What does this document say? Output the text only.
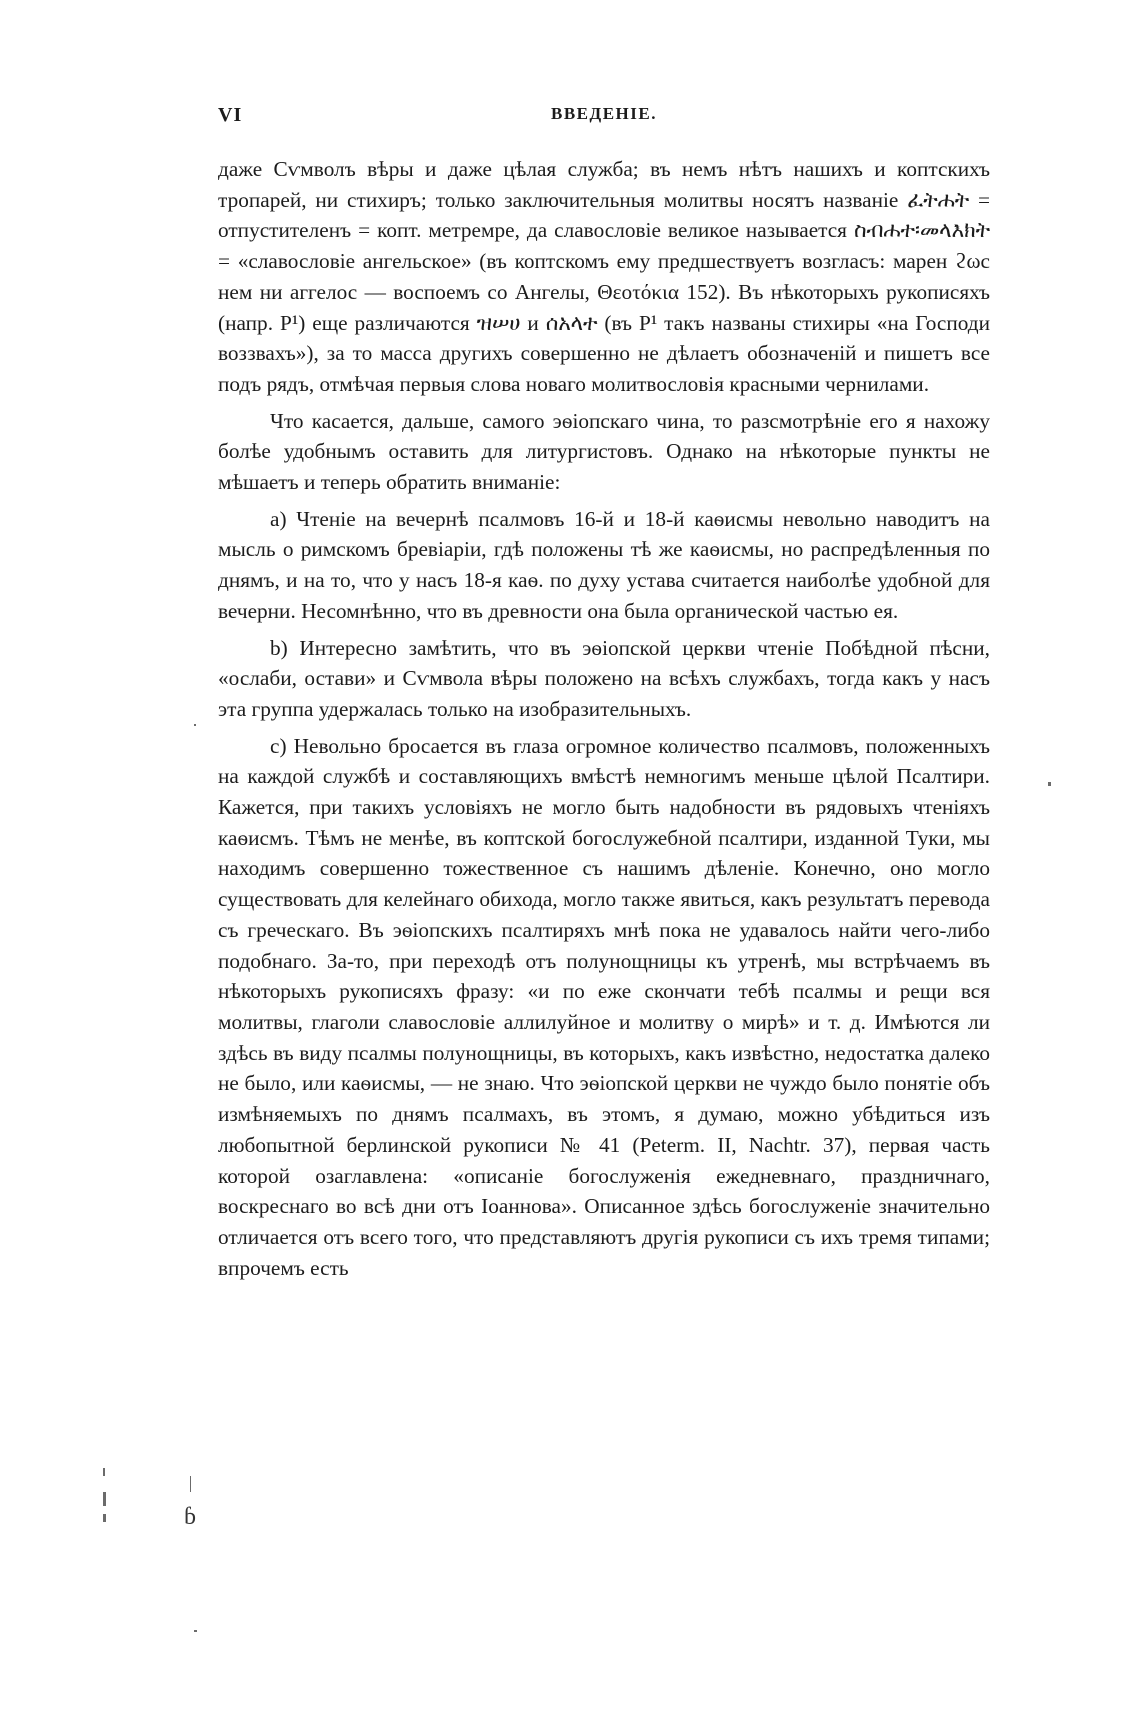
VI	ВВЕДЕНІЕ.

даже Сѵмволъ вѣры и даже цѣлая служба; въ немъ нѣтъ нашихъ и коптскихъ тропарей, ни стихиръ; только заключительныя молитвы носятъ названіе ፈትሐት = отпустителенъ = копт. метремрe, да славословіе великое называется ስብሐተ፡መላእክት = «славословіе ангельское» (въ коптскомъ ему предшествуетъ возгласъ: марен ϩωс нем ни аггелос — воспоемъ со Ангелы, Θεοτόκια 152). Въ нѣкоторыхъ рукописяхъ (напр. P¹) еще различаются ዝሠሀ и ሰአላተ (въ P¹ такъ названы стихиры «на Господи воззвахъ»), за то масса другихъ совершенно не дѣлаетъ обозначеній и пишетъ все подъ рядъ, отмѣчая первыя слова новаго молитвословія красными чернилами.

Что касается, дальше, самого эѳіопскаго чина, то разсмотрѣніе его я нахожу болѣе удобнымъ оставить для литургистовъ. Однако на нѣкоторые пункты не мѣшаетъ и теперь обратить вниманіе:

a) Чтеніе на вечернѣ псалмовъ 16-й и 18-й каѳисмы невольно наводитъ на мысль о римскомъ бревіаріи, гдѣ положены тѣ же каѳисмы, но распредѣленныя по днямъ, и на то, что у насъ 18-я каѳ. по духу устава считается наиболѣе удобной для вечерни. Несомнѣнно, что въ древности она была органической частью ея.

b) Интересно замѣтить, что въ эѳіопской церкви чтеніе Побѣдной пѣсни, «ослаби, остави» и Сѵмвола вѣры положено на всѣхъ службахъ, тогда какъ у насъ эта группа удержалась только на изобразительныхъ.

c) Невольно бросается въ глаза огромное количество псалмовъ, положенныхъ на каждой службѣ и составляющихъ вмѣстѣ немногимъ меньше цѣлой Псалтири. Кажется, при такихъ условіяхъ не могло быть надобности въ рядовыхъ чтеніяхъ каѳисмъ. Тѣмъ не менѣе, въ коптской богослужебной псалтири, изданной Туки, мы находимъ совершенно тожественное съ нашимъ дѣленіе. Конечно, оно могло существовать для келейнаго обихода, могло также явиться, какъ результатъ перевода съ греческаго. Въ эѳіопскихъ псалтиряхъ мнѣ пока не удавалось найти чего-либо подобнаго. За-то, при переходѣ отъ полунощницы къ утренѣ, мы встрѣчаемъ въ нѣкоторыхъ рукописяхъ фразу: «и по еже скончати тебѣ псалмы и рещи вся молитвы, глаголи славословіе аллилуйное и молитву о мирѣ» и т. д. Имѣются ли здѣсь въ виду псалмы полунощницы, въ которыхъ, какъ извѣстно, недостатка далеко не было, или каѳисмы, — не знаю. Что эѳіопской церкви не чуждо было понятіе объ измѣняемыхъ по днямъ псалмахъ, въ этомъ, я думаю, можно убѣдиться изъ любопытной берлинской рукописи № 41 (Peterm. II, Nachtr. 37), первая часть которой озаглавлена: «описаніе богослуженія ежедневнаго, праздничнаго, воскреснаго во всѣ дни отъ Іоаннова». Описанное здѣсь богослуженіе значительно отличается отъ всего того, что представляютъ другія рукописи съ ихъ тремя типами; впрочемъ есть

ɓ
